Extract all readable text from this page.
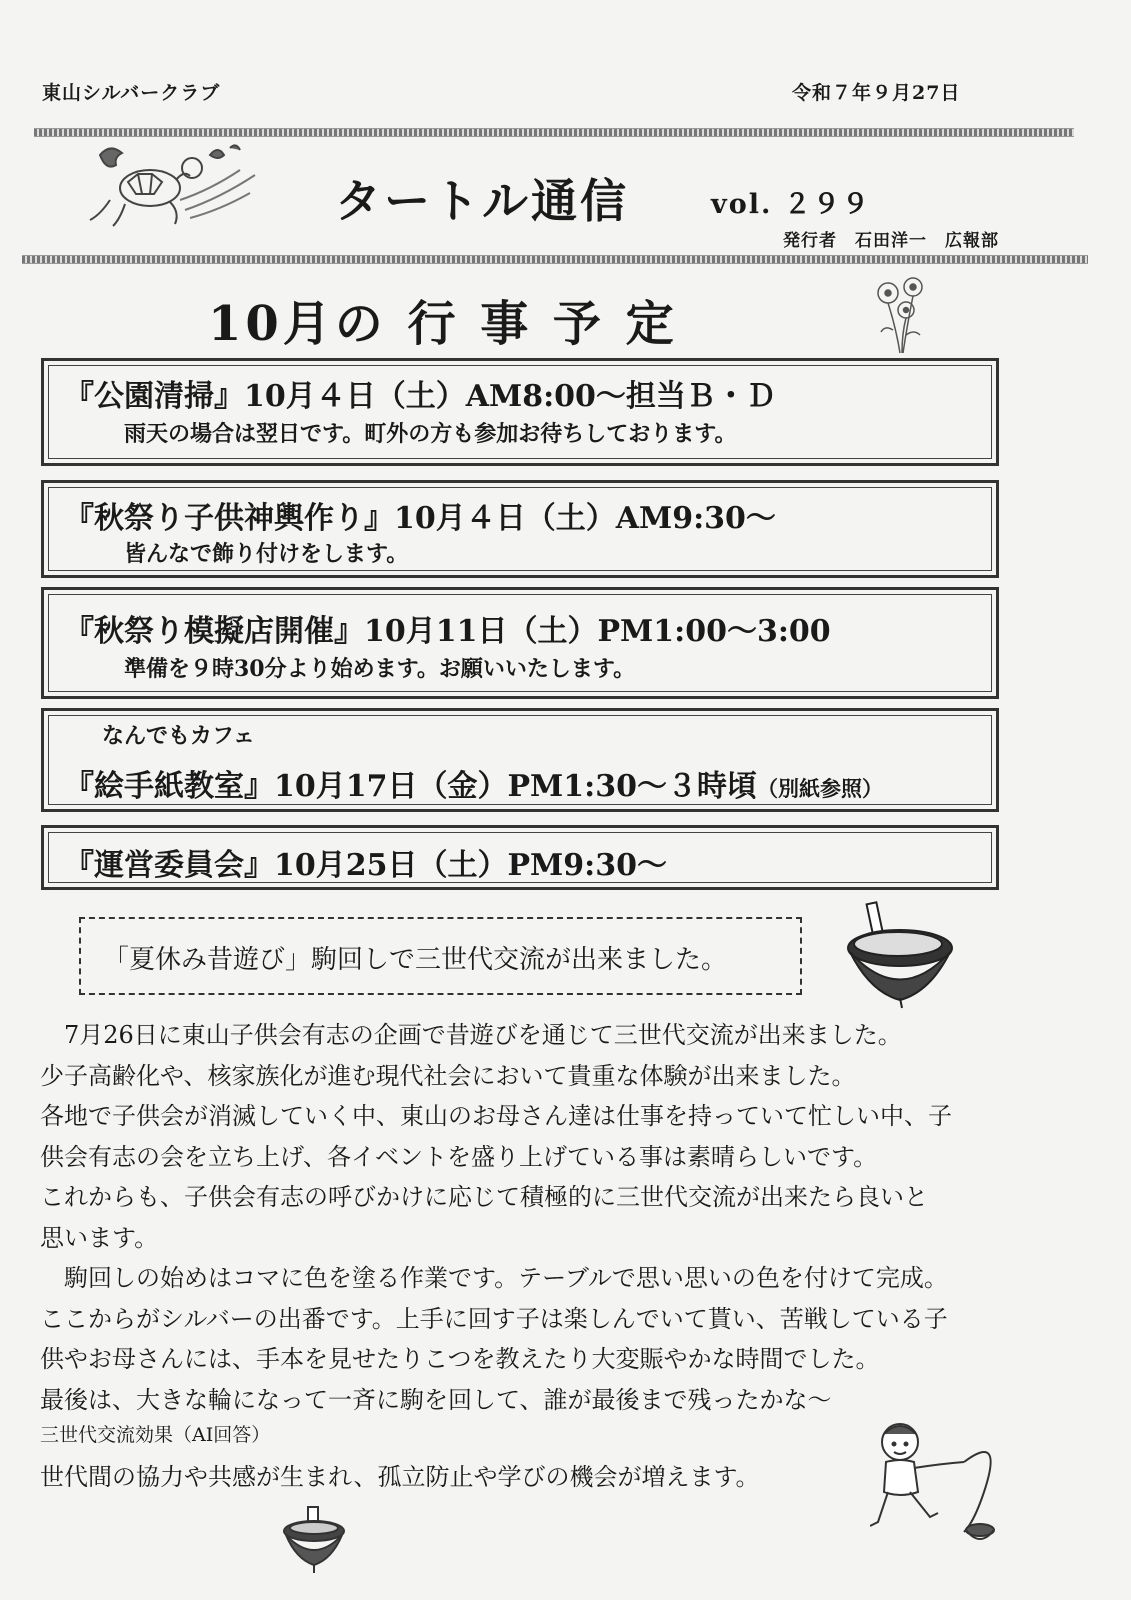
東山シルバークラブ	令和７年９月27日
タートル通信	vol. ２９９
発行者　石田洋一　広報部
10月の 行 事 予 定
『公園清掃』10月４日（土）AM8:00～担当Ｂ・Ｄ
雨天の場合は翌日です。町外の方も参加お待ちしております。
『秋祭り子供神輿作り』10月４日（土）AM9:30～
皆んなで飾り付けをします。
『秋祭り模擬店開催』10月11日（土）PM1:00～3:00
準備を９時30分より始めます。お願いいたします。
なんでもカフェ
『絵手紙教室』10月17日（金）PM1:30～３時頃（別紙参照）
『運営委員会』10月25日（土）PM9:30～
「夏休み昔遊び」駒回しで三世代交流が出来ました。

　7月26日に東山子供会有志の企画で昔遊びを通じて三世代交流が出来ました。

少子高齢化や、核家族化が進む現代社会において貴重な体験が出来ました。

各地で子供会が消滅していく中、東山のお母さん達は仕事を持っていて忙しい中、子

供会有志の会を立ち上げ、各イベントを盛り上げている事は素晴らしいです。

これからも、子供会有志の呼びかけに応じて積極的に三世代交流が出来たら良いと

思います。

　駒回しの始めはコマに色を塗る作業です。テーブルで思い思いの色を付けて完成。

ここからがシルバーの出番です。上手に回す子は楽しんでいて貰い、苦戦している子

供やお母さんには、手本を見せたりこつを教えたり大変賑やかな時間でした。

最後は、大きな輪になって一斉に駒を回して、誰が最後まで残ったかな～

三世代交流効果（AI回答）
世代間の協力や共感が生まれ、孤立防止や学びの機会が増えます。
